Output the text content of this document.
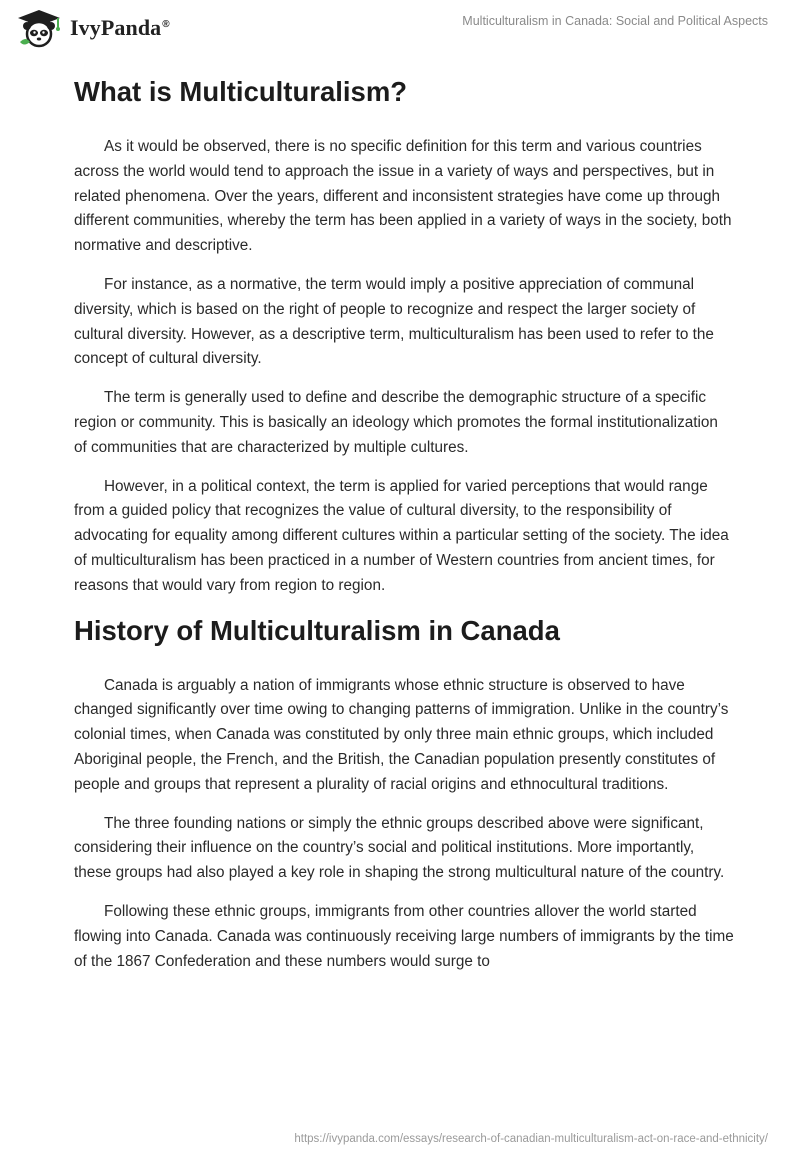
IvyPanda®	Multiculturalism in Canada: Social and Political Aspects
What is Multiculturalism?

As it would be observed, there is no specific definition for this term and various countries across the world would tend to approach the issue in a variety of ways and perspectives, but in related phenomena. Over the years, different and inconsistent strategies have come up through different communities, whereby the term has been applied in a variety of ways in the society, both normative and descriptive.

For instance, as a normative, the term would imply a positive appreciation of communal diversity, which is based on the right of people to recognize and respect the larger society of cultural diversity. However, as a descriptive term, multiculturalism has been used to refer to the concept of cultural diversity.

The term is generally used to define and describe the demographic structure of a specific region or community. This is basically an ideology which promotes the formal institutionalization of communities that are characterized by multiple cultures.

However, in a political context, the term is applied for varied perceptions that would range from a guided policy that recognizes the value of cultural diversity, to the responsibility of advocating for equality among different cultures within a particular setting of the society. The idea of multiculturalism has been practiced in a number of Western countries from ancient times, for reasons that would vary from region to region.

History of Multiculturalism in Canada

Canada is arguably a nation of immigrants whose ethnic structure is observed to have changed significantly over time owing to changing patterns of immigration. Unlike in the country’s colonial times, when Canada was constituted by only three main ethnic groups, which included Aboriginal people, the French, and the British, the Canadian population presently constitutes of people and groups that represent a plurality of racial origins and ethnocultural traditions.

The three founding nations or simply the ethnic groups described above were significant, considering their influence on the country’s social and political institutions. More importantly, these groups had also played a key role in shaping the strong multicultural nature of the country.

Following these ethnic groups, immigrants from other countries allover the world started flowing into Canada. Canada was continuously receiving large numbers of immigrants by the time of the 1867 Confederation and these numbers would surge to

https://ivypanda.com/essays/research-of-canadian-multiculturalism-act-on-race-and-ethnicity/
